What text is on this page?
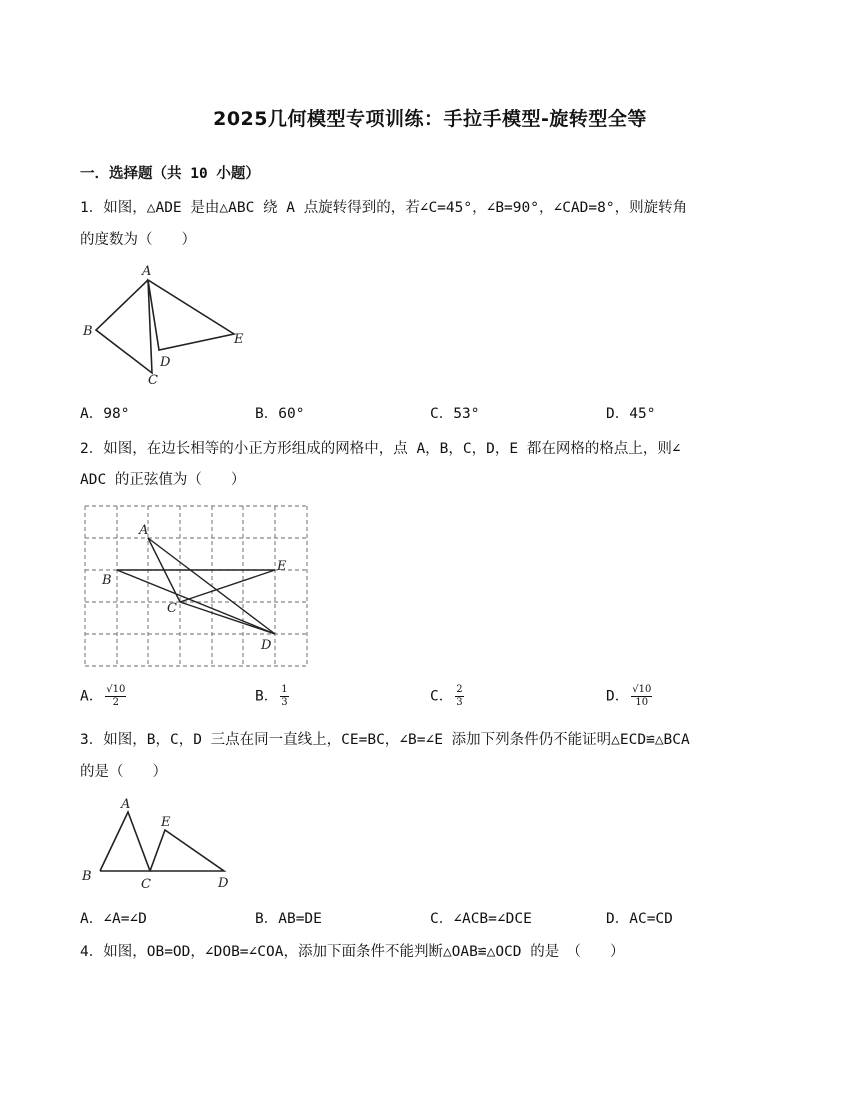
2025几何模型专项训练：手拉手模型-旋转型全等
一．选择题（共 10 小题）
1．如图，△ADE 是由△ABC 绕 A 点旋转得到的，若∠C=45°，∠B=90°，∠CAD=8°，则旋转角
的度数为（　　）
A
B
C
D
E
A．98°	B．60°	C．53°	D．45°
2．如图，在边长相等的小正方形组成的网格中，点 A，B，C，D，E 都在网格的格点上，则∠
ADC 的正弦值为（　　）
A
B
C
D
E
A． $\frac{√10}{2}$	B． $\frac{1}{3}$	C． $\frac{2}{3}$	D． $\frac{√10}{10}$
3．如图，B，C，D 三点在同一直线上，CE=BC，∠B=∠E 添加下列条件仍不能证明△ECD≌△BCA
的是（　　）
A
B
C	D
E
A．∠A=∠D	B．AB=DE	C．∠ACB=∠DCE	D．AC=CD
4．如图，OB=OD，∠DOB=∠COA，添加下面条件不能判断△OAB≌△OCD 的是　（　　）
